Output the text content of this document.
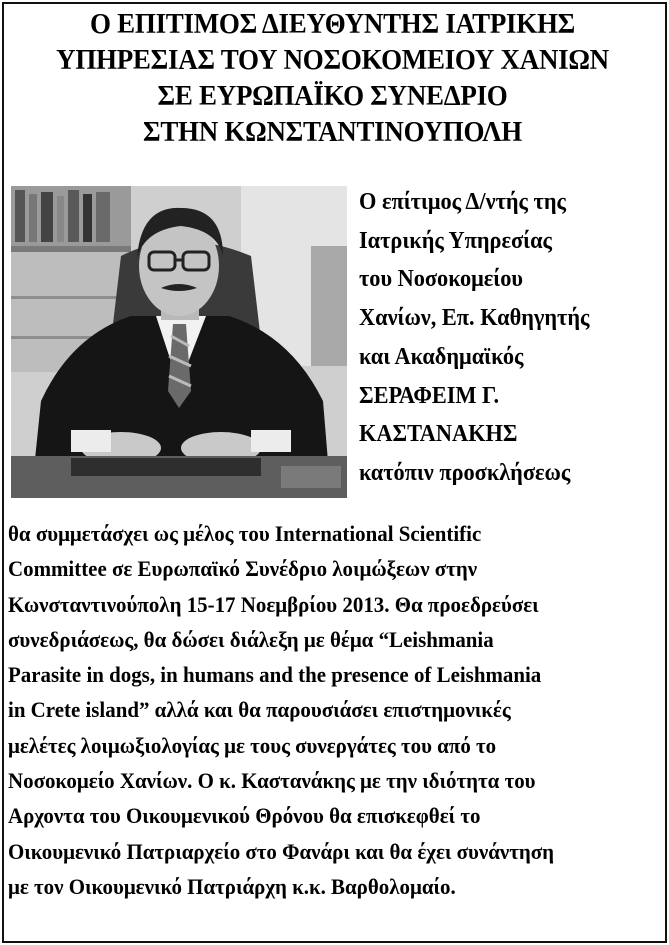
Ο ΕΠΙΤΙΜΟΣ ΔΙΕΥΘΥΝΤΗΣ ΙΑΤΡΙΚΗΣ
ΥΠΗΡΕΣΙΑΣ ΤΟΥ ΝΟΣΟΚΟΜΕΙΟΥ ΧΑΝΙΩΝ
ΣΕ ΕΥΡΩΠΑΪΚΟ ΣΥΝΕΔΡΙΟ
ΣΤΗΝ ΚΩΝΣΤΑΝΤΙΝΟΥΠΟΛΗ
Ο επίτιμος Δ/ντής της
Ιατρικής Υπηρεσίας
του Νοσοκομείου
Χανίων, Επ. Καθηγητής
και Ακαδημαϊκός
ΣΕΡΑΦΕΙΜ Γ.
ΚΑΣΤΑΝΑΚΗΣ
κατόπιν προσκλήσεως
θα συμμετάσχει ως μέλος του International Scientific
Committee σε Ευρωπαϊκό Συνέδριο λοιμώξεων στην
Κωνσταντινούπολη 15-17 Νοεμβρίου 2013. Θα προεδρεύσει
συνεδριάσεως, θα δώσει διάλεξη με θέμα “Leishmania
Parasite in dogs, in humans and the presence of Leishmania
in Crete island” αλλά και θα παρουσιάσει επιστημονικές
μελέτες λοιμωξιολογίας με τους συνεργάτες του από το
Νοσοκομείο Χανίων. Ο κ. Καστανάκης με την ιδιότητα του
Αρχοντα του Οικουμενικού Θρόνου θα επισκεφθεί το
Οικουμενικό Πατριαρχείο στο Φανάρι και θα έχει συνάντηση
με τον Οικουμενικό Πατριάρχη κ.κ. Βαρθολομαίο.
